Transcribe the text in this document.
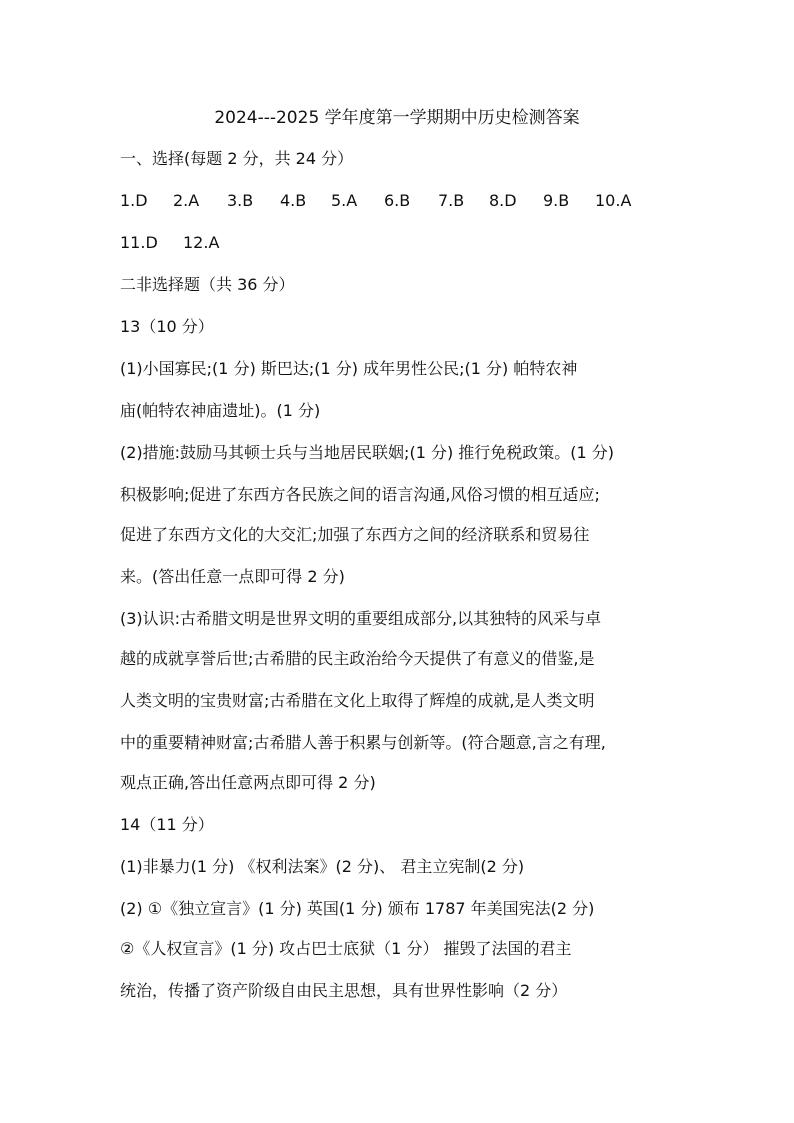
2024---2025 学年度第一学期期中历史检测答案
一、选择(每题 2 分，共 24 分）
1.D 2.A 3.B 4.B 5.A 6.B 7.B 8.D 9.B 10.A
11.D 12.A
二非选择题（共 36 分）
13（10 分）
(1)小国寡民;(1 分) 斯巴达;(1 分) 成年男性公民;(1 分) 帕特农神
庙(帕特农神庙遗址)。(1 分)
(2)措施:鼓励马其顿士兵与当地居民联姻;(1 分) 推行免税政策。(1 分)
积极影响;促进了东西方各民族之间的语言沟通,风俗习惯的相互适应;
促进了东西方文化的大交汇;加强了东西方之间的经济联系和贸易往
来。(答出任意一点即可得 2 分)
(3)认识:古希腊文明是世界文明的重要组成部分,以其独特的风采与卓
越的成就享誉后世;古希腊的民主政治给今天提供了有意义的借鉴,是
人类文明的宝贵财富;古希腊在文化上取得了辉煌的成就,是人类文明
中的重要精神财富;古希腊人善于积累与创新等。(符合题意,言之有理,
观点正确,答出任意两点即可得 2 分)
14（11 分）
(1)非暴力(1 分) 《权利法案》(2 分)、 君主立宪制(2 分)
(2) ①《独立宣言》(1 分) 英国(1 分) 颁布 1787 年美国宪法(2 分)
②《人权宣言》(1 分) 攻占巴士底狱（1 分） 摧毁了法国的君主
统治，传播了资产阶级自由民主思想，具有世界性影响（2 分）
